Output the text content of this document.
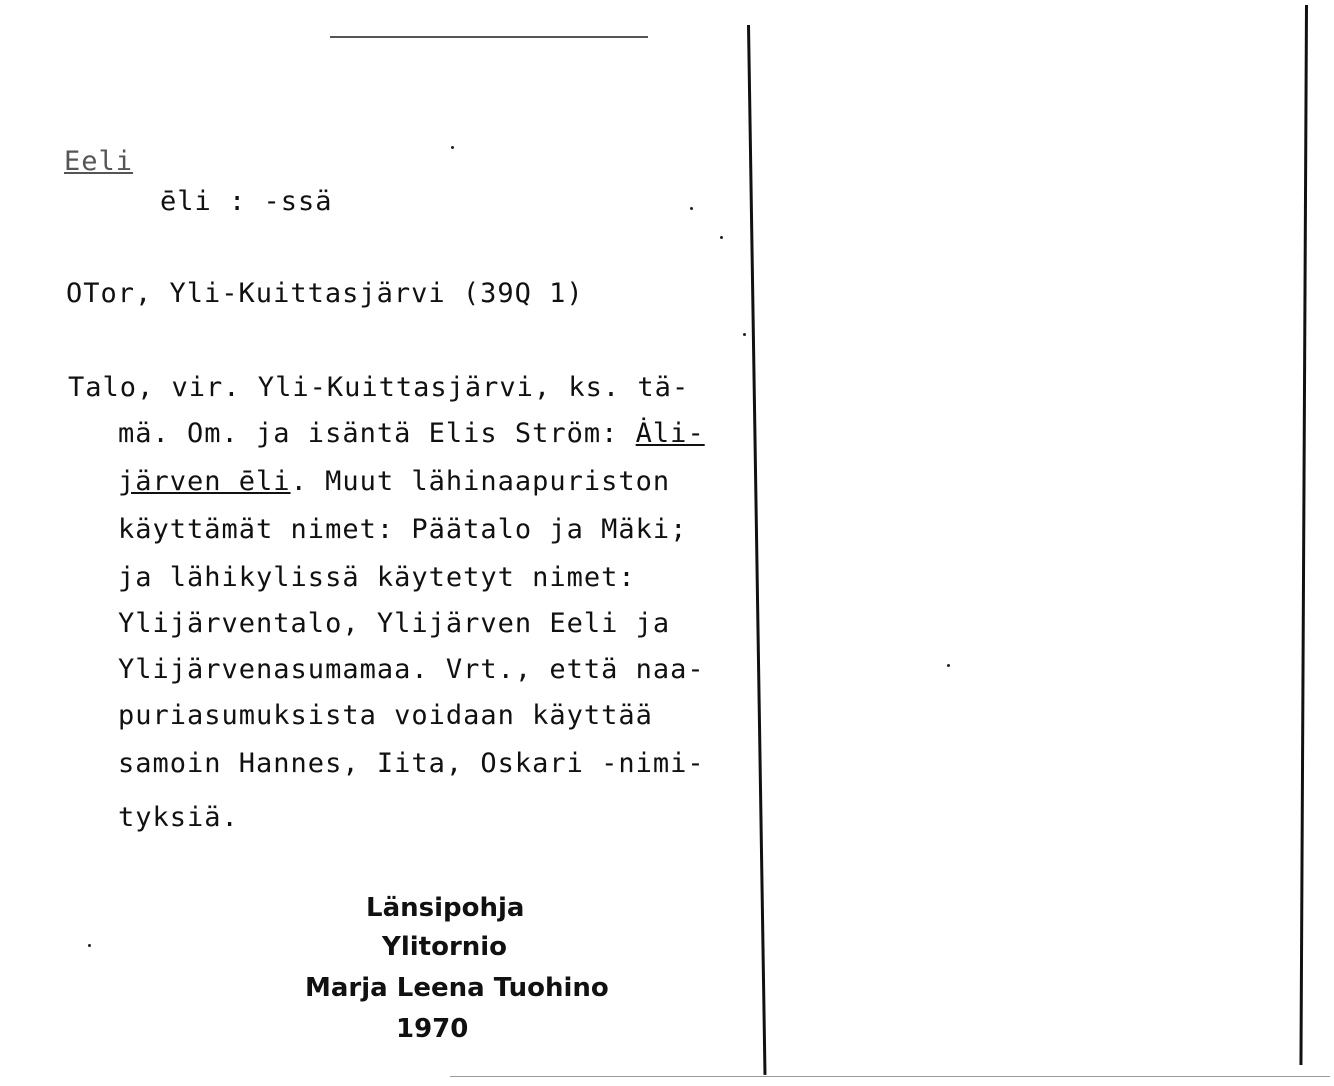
Eeli
ēli : -ssä
OTor, Yli-Kuittasjärvi (39Q 1)
Talo, vir. Yli-Kuittasjärvi, ks. tä-
mä. Om. ja isäntä Elis Ström: Ȧli-
järven ēli. Muut lähinaapuriston
käyttämät nimet: Päätalo ja Mäki;
ja lähikylissä käytetyt nimet:
Ylijärventalo, Ylijärven Eeli ja
Ylijärvenasumamaa. Vrt., että naa-
puriasumuksista voidaan käyttää
samoin Hannes, Iita, Oskari -nimi-
tyksiä.
Länsipohja
Ylitornio
Marja Leena Tuohino
1970
